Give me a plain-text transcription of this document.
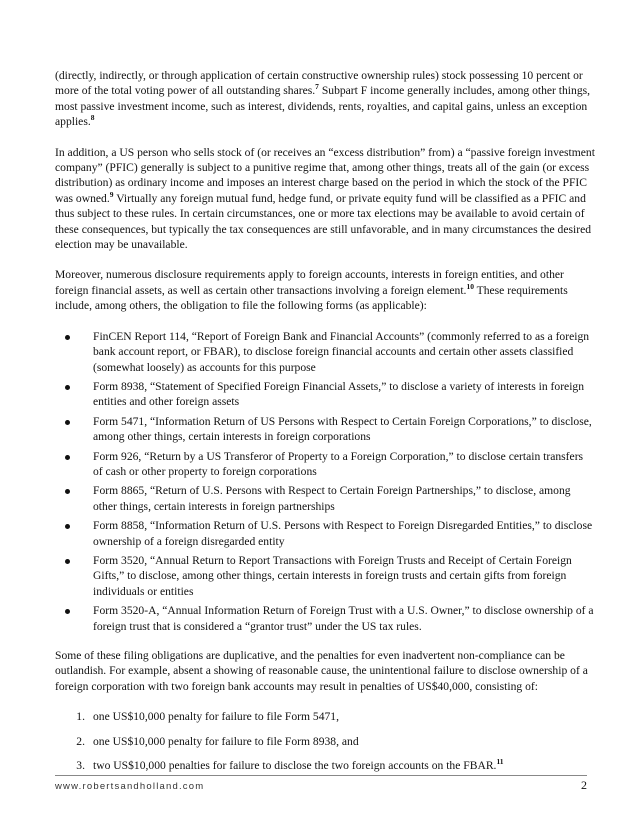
(directly, indirectly, or through application of certain constructive ownership rules) stock possessing 10 percent or more of the total voting power of all outstanding shares.$^7$ Subpart F income generally includes, among other things, most passive investment income, such as interest, dividends, rents, royalties, and capital gains, unless an exception applies.$^8$

In addition, a US person who sells stock of (or receives an “excess distribution” from) a “passive foreign investment company” (PFIC) generally is subject to a punitive regime that, among other things, treats all of the gain (or excess distribution) as ordinary income and imposes an interest charge based on the period in which the stock of the PFIC was owned.$^9$ Virtually any foreign mutual fund, hedge fund, or private equity fund will be classified as a PFIC and thus subject to these rules. In certain circumstances, one or more tax elections may be available to avoid certain of these consequences, but typically the tax consequences are still unfavorable, and in many circumstances the desired election may be unavailable.

Moreover, numerous disclosure requirements apply to foreign accounts, interests in foreign entities, and other foreign financial assets, as well as certain other transactions involving a foreign element.$^{10}$ These requirements include, among others, the obligation to file the following forms (as applicable):

FinCEN Report 114, “Report of Foreign Bank and Financial Accounts” (commonly referred to as a foreign bank account report, or FBAR), to disclose foreign financial accounts and certain other assets classified (somewhat loosely) as accounts for this purpose
Form 8938, “Statement of Specified Foreign Financial Assets,” to disclose a variety of interests in foreign entities and other foreign assets
Form 5471, “Information Return of US Persons with Respect to Certain Foreign Corporations,” to disclose, among other things, certain interests in foreign corporations
Form 926, “Return by a US Transferor of Property to a Foreign Corporation,” to disclose certain transfers of cash or other property to foreign corporations
Form 8865, “Return of U.S. Persons with Respect to Certain Foreign Partnerships,” to disclose, among other things, certain interests in foreign partnerships
Form 8858, “Information Return of U.S. Persons with Respect to Foreign Disregarded Entities,” to disclose ownership of a foreign disregarded entity
Form 3520, “Annual Return to Report Transactions with Foreign Trusts and Receipt of Certain Foreign Gifts,” to disclose, among other things, certain interests in foreign trusts and certain gifts from foreign individuals or entities
Form 3520-A, “Annual Information Return of Foreign Trust with a U.S. Owner,” to disclose ownership of a foreign trust that is considered a “grantor trust” under the US tax rules.

Some of these filing obligations are duplicative, and the penalties for even inadvertent non-compliance can be outlandish. For example, absent a showing of reasonable cause, the unintentional failure to disclose ownership of a foreign corporation with two foreign bank accounts may result in penalties of US$40,000, consisting of:

1. one US$10,000 penalty for failure to file Form 5471,
2. one US$10,000 penalty for failure to file Form 8938, and
3. two US$10,000 penalties for failure to disclose the two foreign accounts on the FBAR.$^{11}$
www.robertsandholland.com	2
